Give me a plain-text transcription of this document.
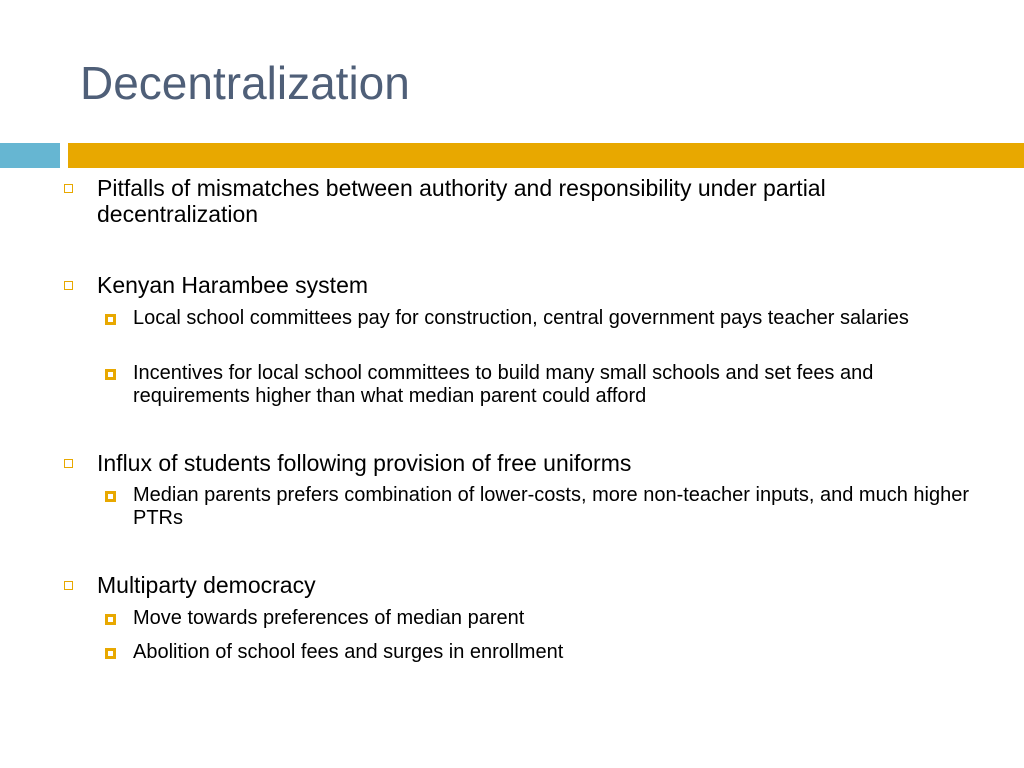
Decentralization
Pitfalls of mismatches between authority and responsibility under partial decentralization
Kenyan Harambee system
Local school committees pay for construction, central government pays teacher salaries
Incentives for local school committees to build many small schools and set fees and requirements higher than what median parent could afford
Influx of students following provision of free uniforms
Median parents prefers combination of lower-costs, more non-teacher inputs, and much higher PTRs
Multiparty democracy
Move towards preferences of median parent
Abolition of school fees and surges in enrollment
